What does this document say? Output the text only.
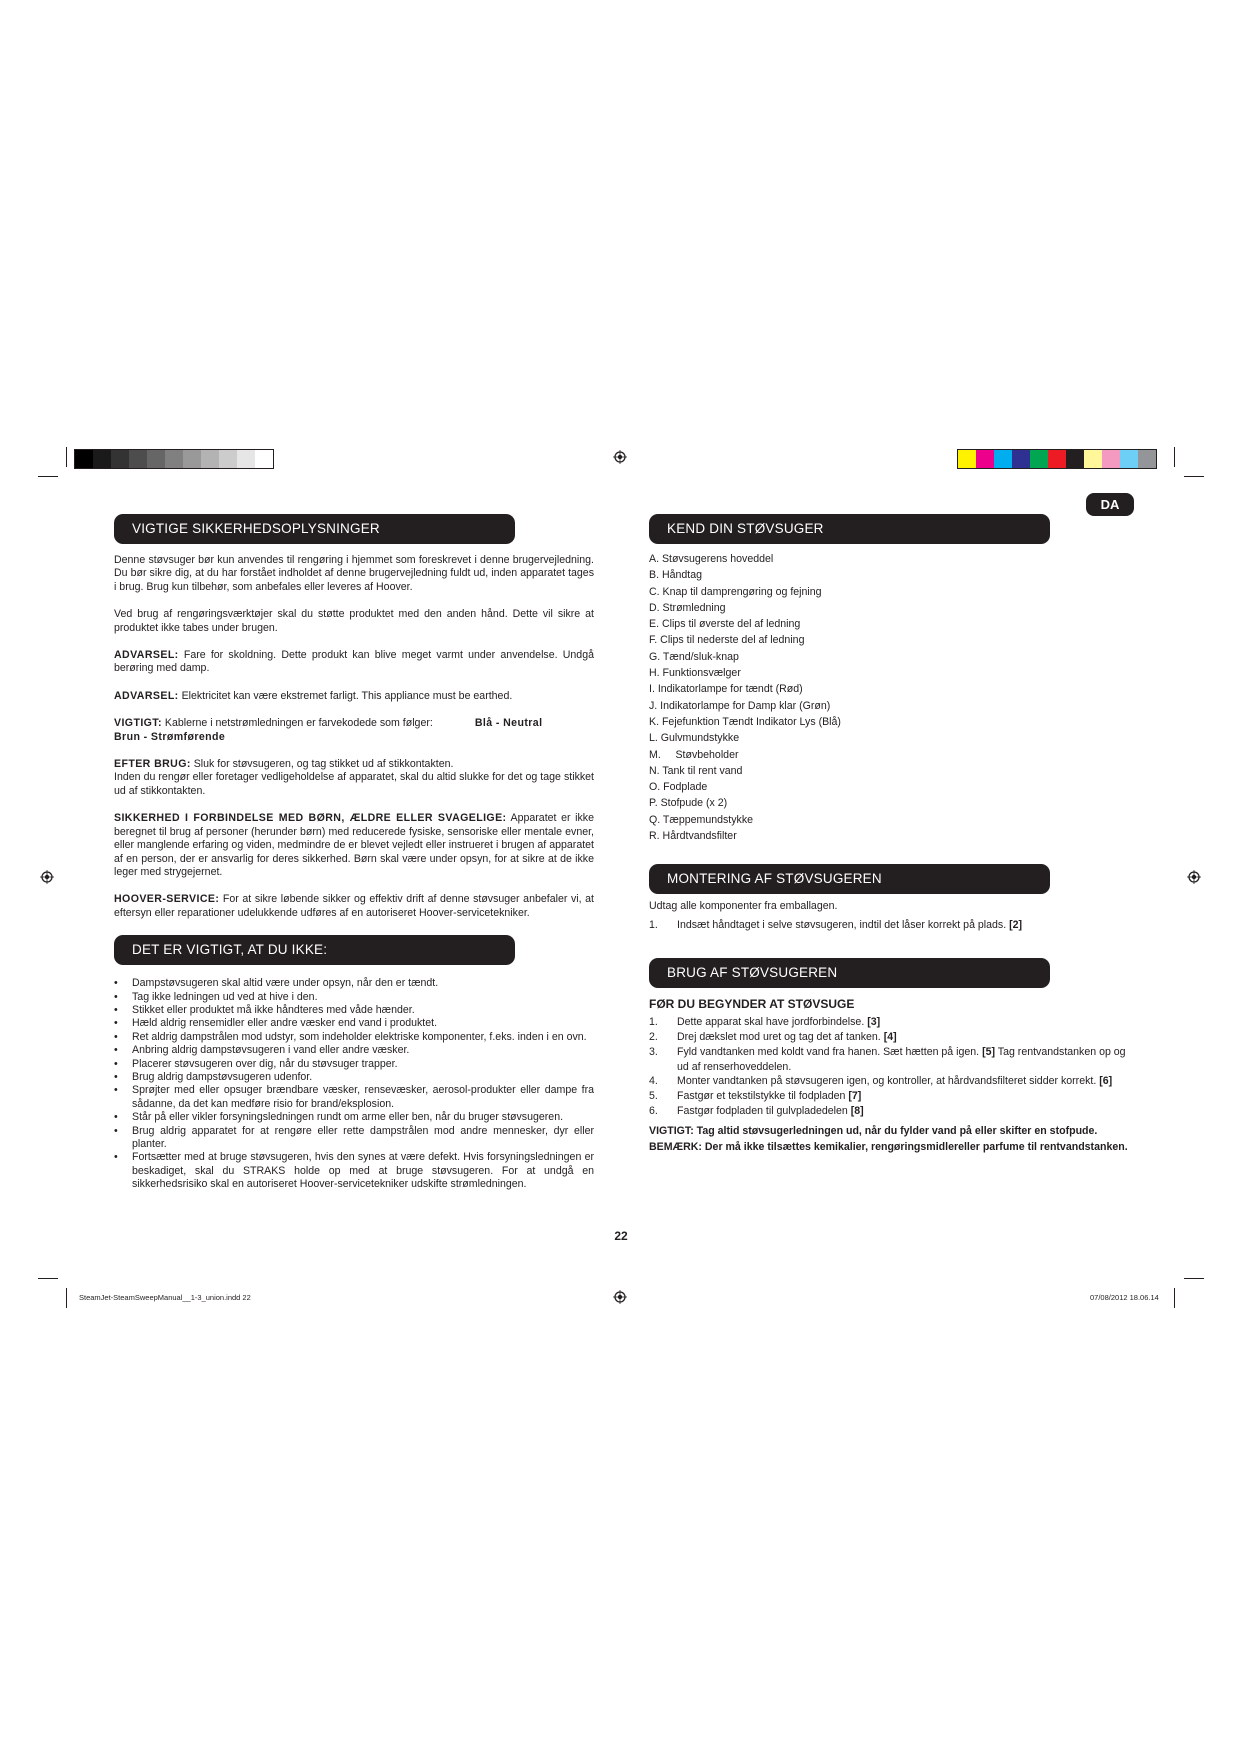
DA
VIGTIGE SIKKERHEDSOPLYSNINGER

Denne støvsuger bør kun anvendes til rengøring i hjemmet som foreskrevet i denne brugervejledning. Du bør sikre dig, at du har forstået indholdet af denne brugervejledning fuldt ud, inden apparatet tages i brug. Brug kun tilbehør, som anbefales eller leveres af Hoover.

Ved brug af rengøringsværktøjer skal du støtte produktet med den anden hånd. Dette vil sikre at produktet ikke tabes under brugen.

ADVARSEL: Fare for skoldning. Dette produkt kan blive meget varmt under anvendelse. Undgå berøring med damp.

ADVARSEL: Elektricitet kan være ekstremet farligt. This appliance must be earthed.

VIGTIGT: Kablerne i netstrømledningen er farvekodede som følger:	Blå - Neutral
Brun - Strømførende

EFTER BRUG: Sluk for støvsugeren, og tag stikket ud af stikkontakten.
Inden du rengør eller foretager vedligeholdelse af apparatet, skal du altid slukke for det og tage stikket ud af stikkontakten.

SIKKERHED I FORBINDELSE MED BØRN, ÆLDRE ELLER SVAGELIGE: Apparatet er ikke beregnet til brug af personer (herunder børn) med reducerede fysiske, sensoriske eller mentale evner, eller manglende erfaring og viden, medmindre de er blevet vejledt eller instrueret i brugen af apparatet af en person, der er ansvarlig for deres sikkerhed. Børn skal være under opsyn, for at sikre at de ikke leger med strygejernet.

HOOVER-SERVICE: For at sikre løbende sikker og effektiv drift af denne støvsuger anbefaler vi, at eftersyn eller reparationer udelukkende udføres af en autoriseret Hoover-servicetekniker.

DET ER VIGTIGT, AT DU IKKE:
• Dampstøvsugeren skal altid være under opsyn, når den er tændt.
• Tag ikke ledningen ud ved at hive i den.
• Stikket eller produktet må ikke håndteres med våde hænder.
• Hæld aldrig rensemidler eller andre væsker end vand i produktet.
• Ret aldrig dampstrålen mod udstyr, som indeholder elektriske komponenter, f.eks. inden i en ovn.
• Anbring aldrig dampstøvsugeren i vand eller andre væsker.
• Placerer støvsugeren over dig, når du støvsuger trapper.
• Brug aldrig dampstøvsugeren udenfor.
• Sprøjter med eller opsuger brændbare væsker, rensevæsker, aerosol-produkter eller dampe fra sådanne, da det kan medføre risio for brand/eksplosion.
• Står på eller vikler forsyningsledningen rundt om arme eller ben, når du bruger støvsugeren.
• Brug aldrig apparatet for at rengøre eller rette dampstrålen mod andre mennesker, dyr eller planter.
• Fortsætter med at bruge støvsugeren, hvis den synes at være defekt. Hvis forsyningsledningen er beskadiget, skal du STRAKS holde op med at bruge støvsugeren. For at undgå en sikkerhedsrisiko skal en autoriseret Hoover-servicetekniker udskifte strømledningen.
KEND DIN STØVSUGER
A. Støvsugerens hoveddel
B. Håndtag
C. Knap til damprengøring og fejning
D. Strømledning
E. Clips til øverste del af ledning
F. Clips til nederste del af ledning
G. Tænd/sluk-knap
H. Funktionsvælger
I. Indikatorlampe for tændt (Rød)
J. Indikatorlampe for Damp klar (Grøn)
K. Fejefunktion Tændt Indikator Lys (Blå)
L. Gulvmundstykke
M.     Støvbeholder
N. Tank til rent vand
O. Fodplade
P. Stofpude (x 2)
Q. Tæppemundstykke
R. Hårdtvandsfilter
MONTERING AF STØVSUGEREN

Udtag alle komponenter fra emballagen.

1. Indsæt håndtaget i selve støvsugeren, indtil det låser korrekt på plads. [2]
BRUG AF STØVSUGEREN
FØR DU BEGYNDER AT STØVSUGE
1. Dette apparat skal have jordforbindelse. [3]
2. Drej dækslet mod uret og tag det af tanken. [4]
3. Fyld vandtanken med koldt vand fra hanen. Sæt hætten på igen. [5] Tag rentvandstanken op og ud af renserhoveddelen.
4. Monter vandtanken på støvsugeren igen, og kontroller, at hårdvandsfilteret sidder korrekt. [6]
5. Fastgør et tekstilstykke til fodpladen [7]
6. Fastgør fodpladen til gulvpladedelen [8]

VIGTIGT: Tag altid støvsugerledningen ud, når du fylder vand på eller skifter en stofpude.

BEMÆRK: Der må ikke tilsættes kemikalier, rengøringsmidlereller parfume til rentvandstanken.

22
SteamJet-SteamSweepManual__1-3_union.indd 22	07/08/2012 18.06.14
